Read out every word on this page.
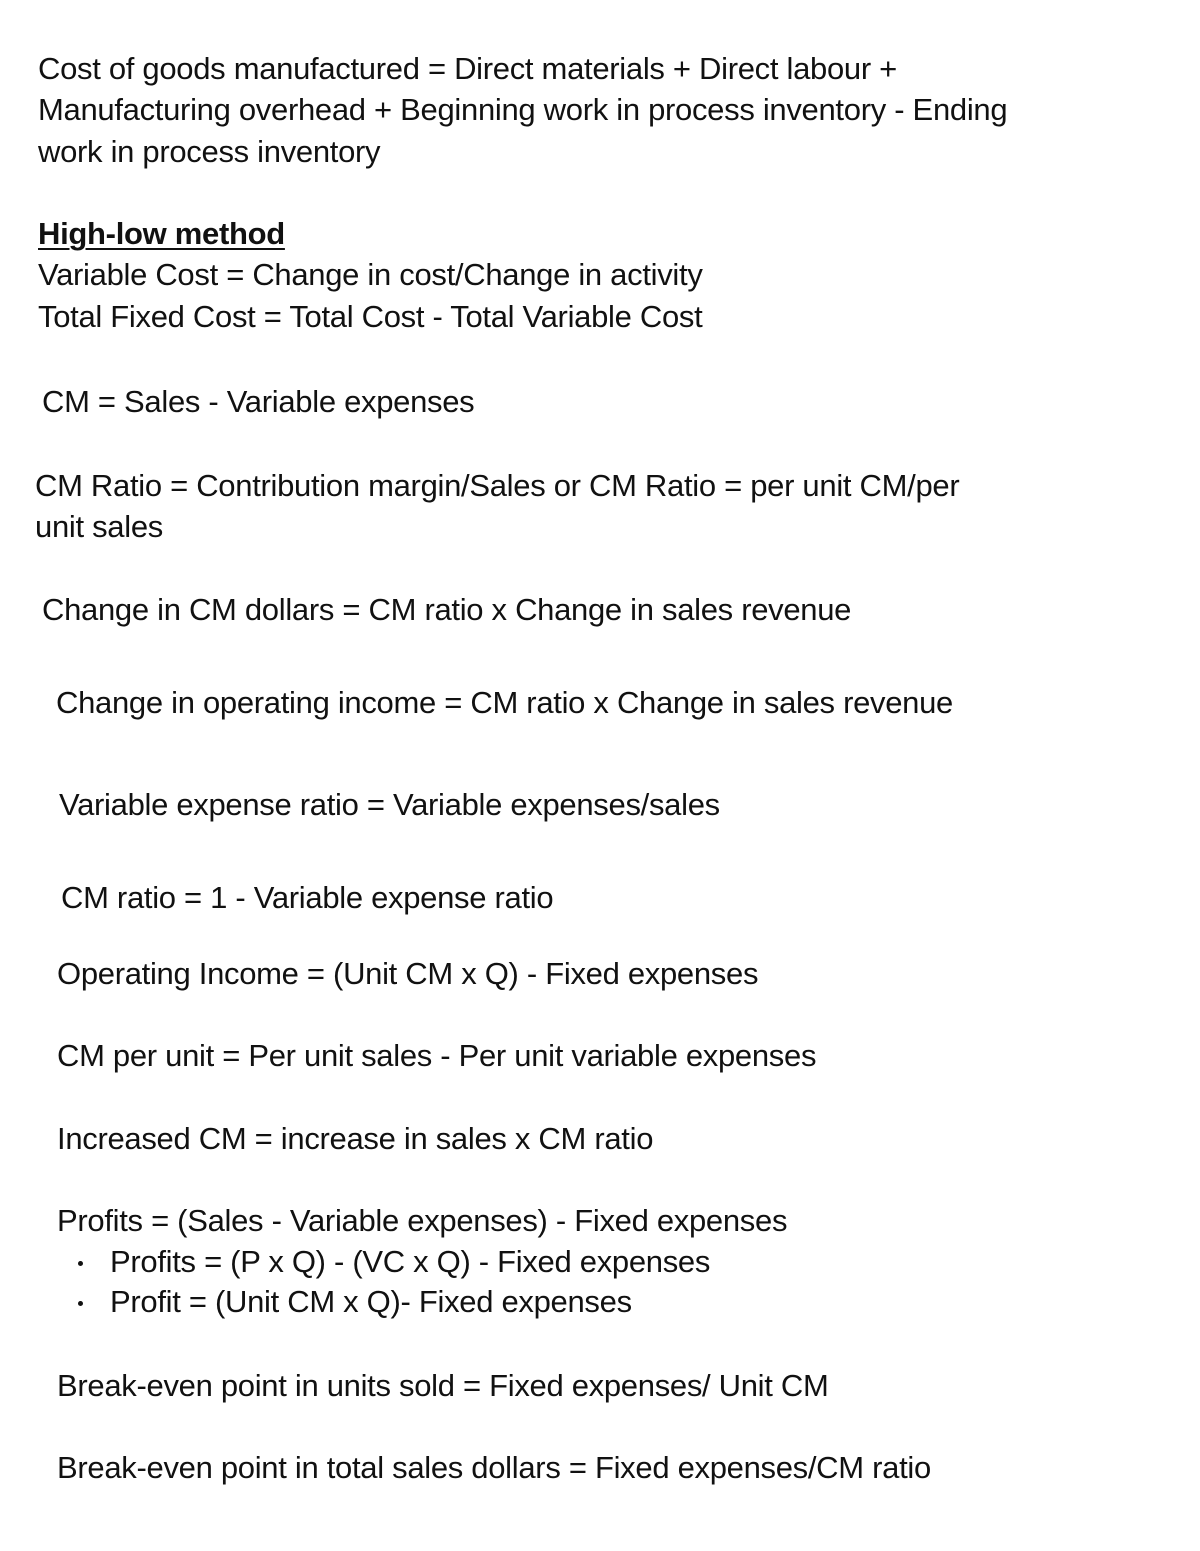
Cost of goods manufactured = Direct materials + Direct labour +
Manufacturing overhead + Beginning work in process inventory - Ending
work in process inventory
High-low method
Variable Cost = Change in cost/Change in activity
Total Fixed Cost = Total Cost - Total Variable Cost
CM = Sales - Variable expenses
CM Ratio = Contribution margin/Sales or CM Ratio = per unit CM/per
unit sales
Change in CM dollars = CM ratio x Change in sales revenue
Change in operating income = CM ratio x Change in sales revenue
Variable expense ratio = Variable expenses/sales
CM ratio = 1 - Variable expense ratio
Operating Income = (Unit CM x Q) - Fixed expenses
CM per unit = Per unit sales - Per unit variable expenses
Increased CM = increase in sales x CM ratio
Profits = (Sales - Variable expenses) - Fixed expenses
Profits = (P x Q) - (VC x Q) - Fixed expenses
Profit = (Unit CM x Q)- Fixed expenses
Break-even point in units sold = Fixed expenses/ Unit CM
Break-even point in total sales dollars = Fixed expenses/CM ratio
